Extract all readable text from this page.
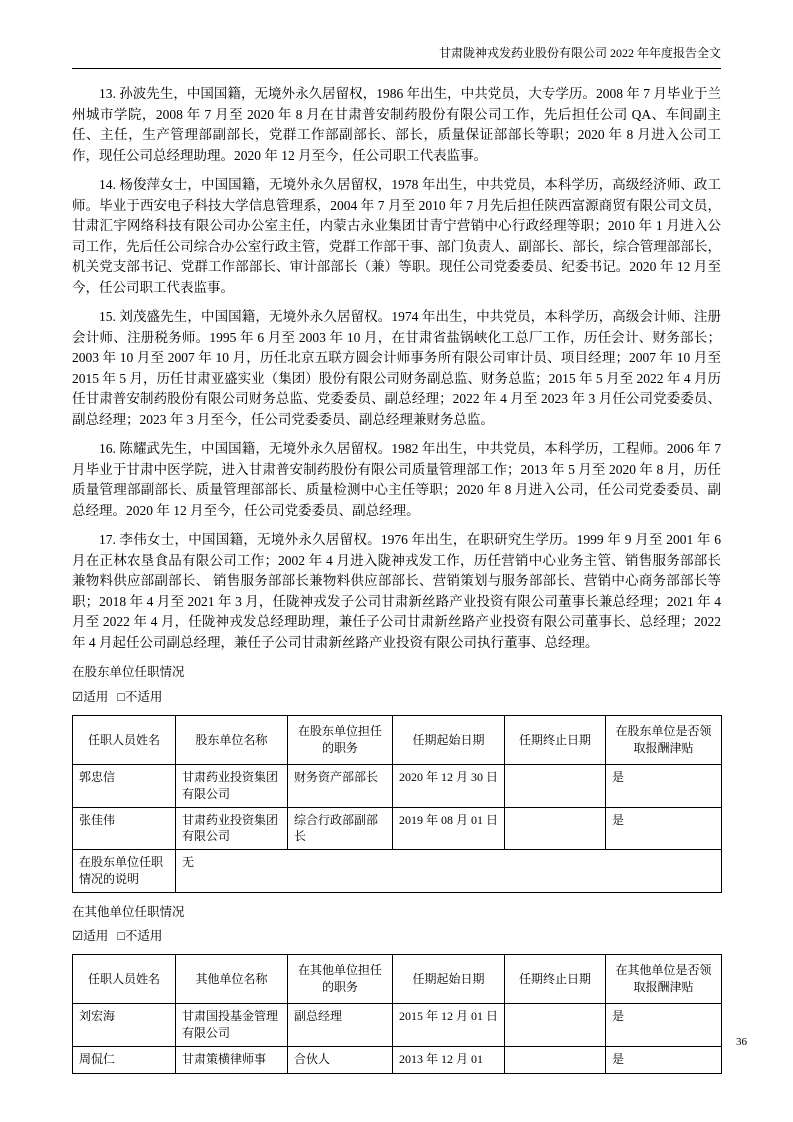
甘肃陇神戎发药业股份有限公司 2022 年年度报告全文

13. 孙波先生，中国国籍，无境外永久居留权，1986 年出生，中共党员，大专学历。2008 年 7 月毕业于兰州城市学院，2008 年 7 月至 2020 年 8 月在甘肃普安制药股份有限公司工作，先后担任公司 QA、车间副主任、主任，生产管理部副部长，党群工作部副部长、部长，质量保证部部长等职；2020 年 8 月进入公司工作，现任公司总经理助理。2020 年 12 月至今，任公司职工代表监事。

14. 杨俊萍女士，中国国籍，无境外永久居留权，1978 年出生，中共党员，本科学历，高级经济师、政工师。毕业于西安电子科技大学信息管理系，2004 年 7 月至 2010 年 7 月先后担任陕西富源商贸有限公司文员，甘肃汇宇网络科技有限公司办公室主任，内蒙古永业集团甘青宁营销中心行政经理等职；2010 年 1 月进入公司工作，先后任公司综合办公室行政主管，党群工作部干事、部门负责人、副部长、部长，综合管理部部长，机关党支部书记、党群工作部部长、审计部部长（兼）等职。现任公司党委委员、纪委书记。2020 年 12 月至今，任公司职工代表监事。

15. 刘茂盛先生，中国国籍，无境外永久居留权。1974 年出生，中共党员，本科学历，高级会计师、注册会计师、注册税务师。1995 年 6 月至 2003 年 10 月，在甘肃省盐锅峡化工总厂工作，历任会计、财务部长；2003 年 10 月至 2007 年 10 月，历任北京五联方圆会计师事务所有限公司审计员、项目经理；2007 年 10 月至 2015 年 5 月，历任甘肃亚盛实业（集团）股份有限公司财务副总监、财务总监；2015 年 5 月至 2022 年 4 月历任甘肃普安制药股份有限公司财务总监、党委委员、副总经理；2022 年 4 月至 2023 年 3 月任公司党委委员、副总经理；2023 年 3 月至今，任公司党委委员、副总经理兼财务总监。

16. 陈耀武先生，中国国籍，无境外永久居留权。1982 年出生，中共党员，本科学历，工程师。2006 年 7 月毕业于甘肃中医学院，进入甘肃普安制药股份有限公司质量管理部工作；2013 年 5 月至 2020 年 8 月，历任质量管理部副部长、质量管理部部长、质量检测中心主任等职；2020 年 8 月进入公司，任公司党委委员、副总经理。2020 年 12 月至今，任公司党委委员、副总经理。

17. 李伟女士，中国国籍，无境外永久居留权。1976 年出生，在职研究生学历。1999 年 9 月至 2001 年 6 月在正林农垦食品有限公司工作；2002 年 4 月进入陇神戎发工作，历任营销中心业务主管、销售服务部部长兼物料供应部副部长、 销售服务部部长兼物料供应部部长、营销策划与服务部部长、营销中心商务部部长等职；2018 年 4 月至 2021 年 3 月，任陇神戎发子公司甘肃新丝路产业投资有限公司董事长兼总经理；2021 年 4 月至 2022 年 4 月，任陇神戎发总经理助理，兼任子公司甘肃新丝路产业投资有限公司董事长、总经理；2022 年 4 月起任公司副总经理，兼任子公司甘肃新丝路产业投资有限公司执行董事、总经理。

在股东单位任职情况
☑适用 □不适用
任职人员姓名	股东单位名称	在股东单位担任的职务	任期起始日期	任期终止日期	在股东单位是否领取报酬津贴
郭忠信	甘肃药业投资集团有限公司	财务资产部部长	2020 年 12 月 30 日		是
张佳伟	甘肃药业投资集团有限公司	综合行政部副部长	2019 年 08 月 01 日		是
在股东单位任职情况的说明	无				
在其他单位任职情况
☑适用 □不适用
任职人员姓名	其他单位名称	在其他单位担任的职务	任期起始日期	任期终止日期	在其他单位是否领取报酬津贴
刘宏海	甘肃国投基金管理有限公司	副总经理	2015 年 12 月 01 日		是
周侃仁	甘肃策横律师事	合伙人	2013 年 12 月 01		是
36
